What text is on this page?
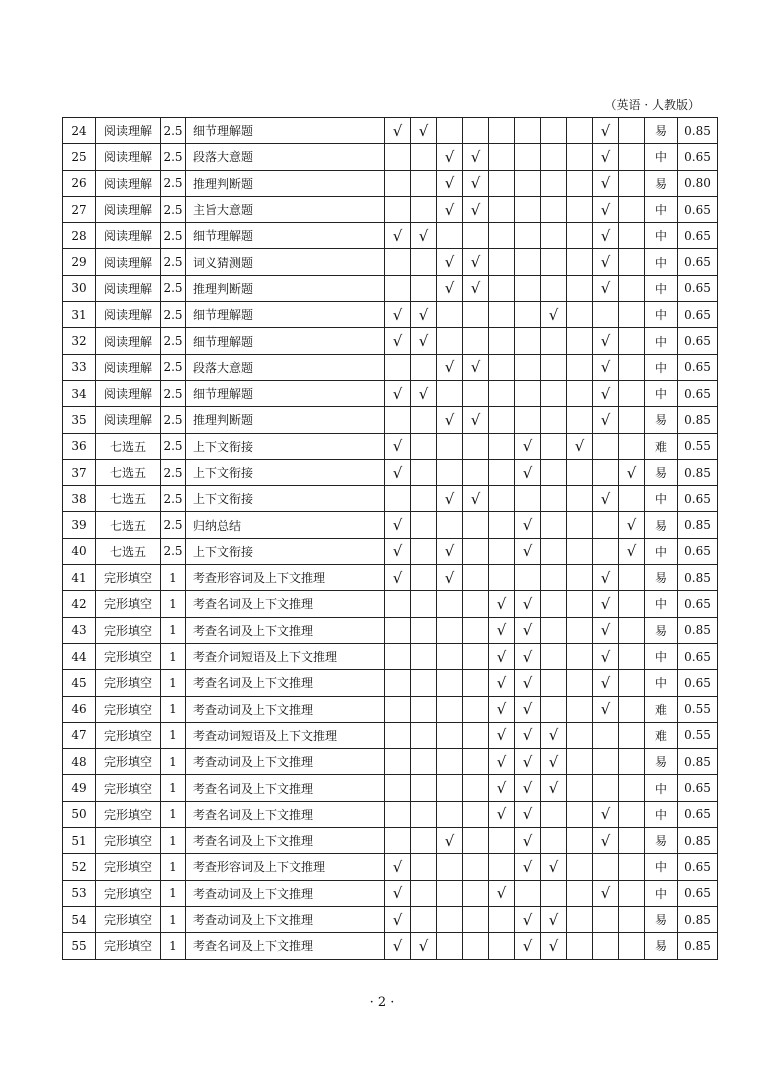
（英语 · 人教版）
24	阅读理解	2.5	细节理解题	√	√							√		易	0.85
25	阅读理解	2.5	段落大意题			√	√					√		中	0.65
26	阅读理解	2.5	推理判断题			√	√					√		易	0.80
27	阅读理解	2.5	主旨大意题			√	√					√		中	0.65
28	阅读理解	2.5	细节理解题	√	√							√		中	0.65
29	阅读理解	2.5	词义猜测题			√	√					√		中	0.65
30	阅读理解	2.5	推理判断题			√	√					√		中	0.65
31	阅读理解	2.5	细节理解题	√	√					√				中	0.65
32	阅读理解	2.5	细节理解题	√	√							√		中	0.65
33	阅读理解	2.5	段落大意题			√	√					√		中	0.65
34	阅读理解	2.5	细节理解题	√	√							√		中	0.65
35	阅读理解	2.5	推理判断题			√	√					√		易	0.85
36	七选五	2.5	上下文衔接	√					√		√			难	0.55
37	七选五	2.5	上下文衔接	√					√				√	易	0.85
38	七选五	2.5	上下文衔接			√	√					√		中	0.65
39	七选五	2.5	归纳总结	√					√				√	易	0.85
40	七选五	2.5	上下文衔接	√		√			√				√	中	0.65
41	完形填空	1	考查形容词及上下文推理	√		√						√		易	0.85
42	完形填空	1	考查名词及上下文推理					√	√			√		中	0.65
43	完形填空	1	考查名词及上下文推理					√	√			√		易	0.85
44	完形填空	1	考查介词短语及上下文推理					√	√			√		中	0.65
45	完形填空	1	考查名词及上下文推理					√	√			√		中	0.65
46	完形填空	1	考查动词及上下文推理					√	√			√		难	0.55
47	完形填空	1	考查动词短语及上下文推理					√	√	√				难	0.55
48	完形填空	1	考查动词及上下文推理					√	√	√				易	0.85
49	完形填空	1	考查名词及上下文推理					√	√	√				中	0.65
50	完形填空	1	考查名词及上下文推理					√	√			√		中	0.65
51	完形填空	1	考查名词及上下文推理			√			√			√		易	0.85
52	完形填空	1	考查形容词及上下文推理	√					√	√				中	0.65
53	完形填空	1	考查动词及上下文推理	√				√				√		中	0.65
54	完形填空	1	考查动词及上下文推理	√					√	√				易	0.85
55	完形填空	1	考查名词及上下文推理	√	√				√	√				易	0.85
· 2 ·
